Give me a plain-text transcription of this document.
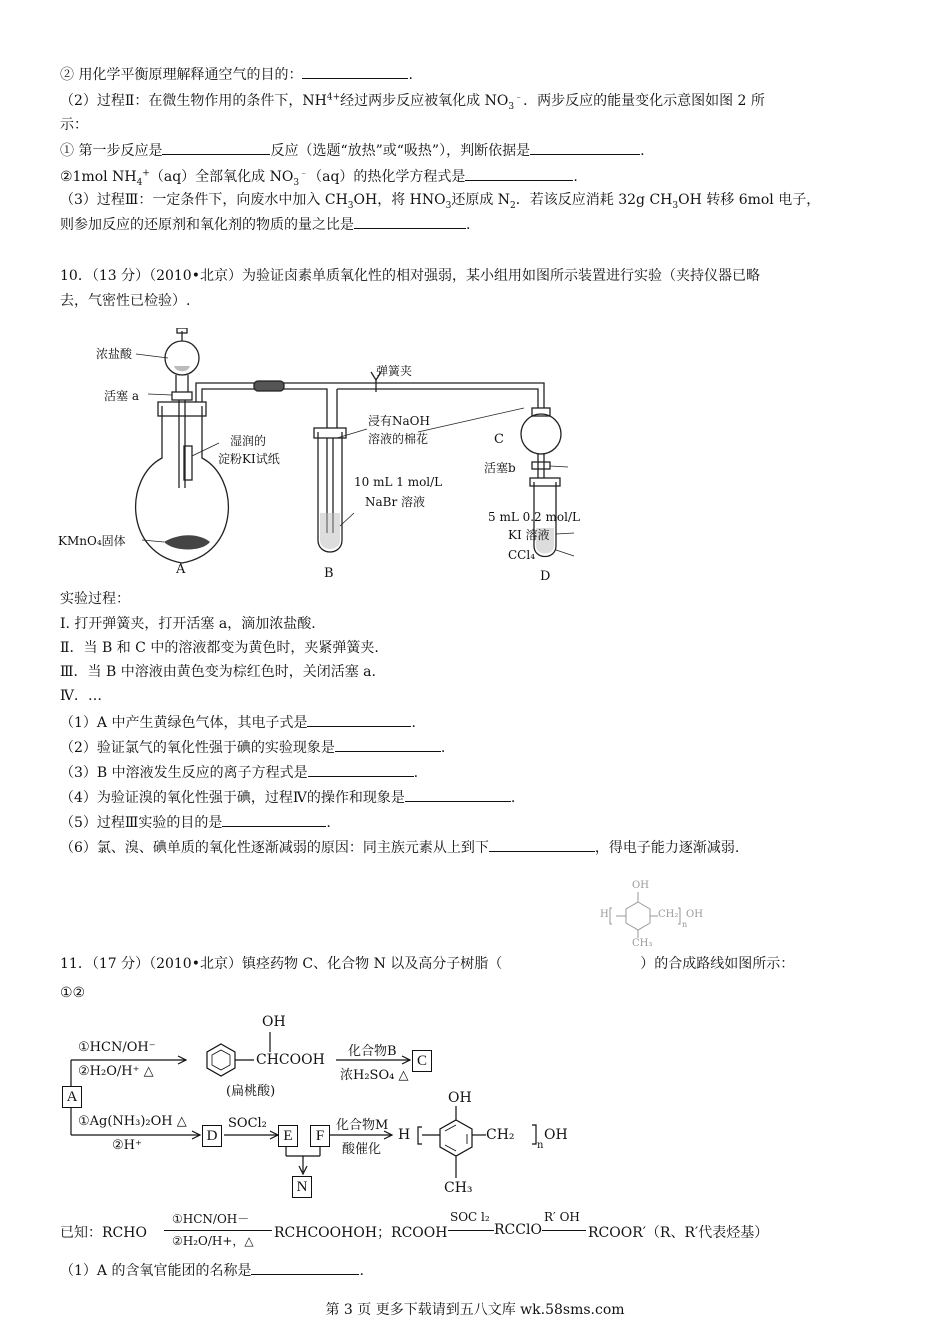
② 用化学平衡原理解释通空气的目的：	.
（2）过程Ⅱ：在微生物作用的条件下，$NH^{4+}$经过两步反应被氧化成 $NO_3^﹣$．两步反应的能量变化示意图如图 2 所
示：
① 第一步反应是	反应（选题“放热”或“吸热”），判断依据是	.
②1mol $NH_4^+(aq)$全部氧化成 $NO_3^﹣(aq)$的热化学方程式是	.
（3）过程Ⅲ：一定条件下，向废水中加入 $CH_3OH$，将 $HNO_3$还原成 $N_2$．若该反应消耗 32g $CH_3OH$ 转移 6mol 电子，
则参加反应的还原剂和氧化剂的物质的量之比是	.
10．（13 分）（2010•北京）为验证卤素单质氧化性的相对强弱，某小组用如图所示装置进行实验（夹持仪器已略
去，气密性已检验）.
浓盐酸
活塞 a
弹簧夹
浸有NaOH
溶液的棉花	C
湿润的
淀粉KI试纸
活塞b
10 mL 1 mol/L
NaBr 溶液
5 mL 0.2 mol/L
KI 溶液
CCl₄
KMnO₄固体
A	B	D
实验过程：
Ⅰ. 打开弹簧夹，打开活塞 a，滴加浓盐酸.
Ⅱ．当 B 和 C 中的溶液都变为黄色时，夹紧弹簧夹.
Ⅲ．当 B 中溶液由黄色变为棕红色时，关闭活塞 a.
Ⅳ．…
（1）A 中产生黄绿色气体，其电子式是	.
（2）验证氯气的氧化性强于碘的实验现象是	.
（3）B 中溶液发生反应的离子方程式是	.
（4）为验证溴的氧化性强于碘，过程Ⅳ的操作和现象是	.
（5）过程Ⅲ实验的目的是	.
（6）氯、溴、碘单质的氧化性逐渐减弱的原因：同主族元素从上到下	，得电子能力逐渐减弱.
OH
H	CH₂
n
OH
CH₃
11．（17 分）（2010•北京）镇痉药物 C、化合物 N 以及高分子树脂（	）的合成路线如图所示：
①②
A
C
D	E	F
N
①HCN/OH⁻
②H₂O/H⁺ △
OH
CHCOOH
(扁桃酸)
化合物B
浓H₂SO₄ △
①Ag(NH₃)₂OH △
②H⁺
SOCl₂	化合物M
酸催化
OH
H	CH₂
n
OH
CH₃
已知：RCHO
①HCN/OH－
②H₂O/H+，△ RCHCOOHOH；RCOOH
SOC l₂
RCClO
R′ OH
RCOOR′（R、R′代表烃基）
（1）A 的含氧官能团的名称是	.
第 3 页 更多下载请到五八文库 wk.58sms.com
